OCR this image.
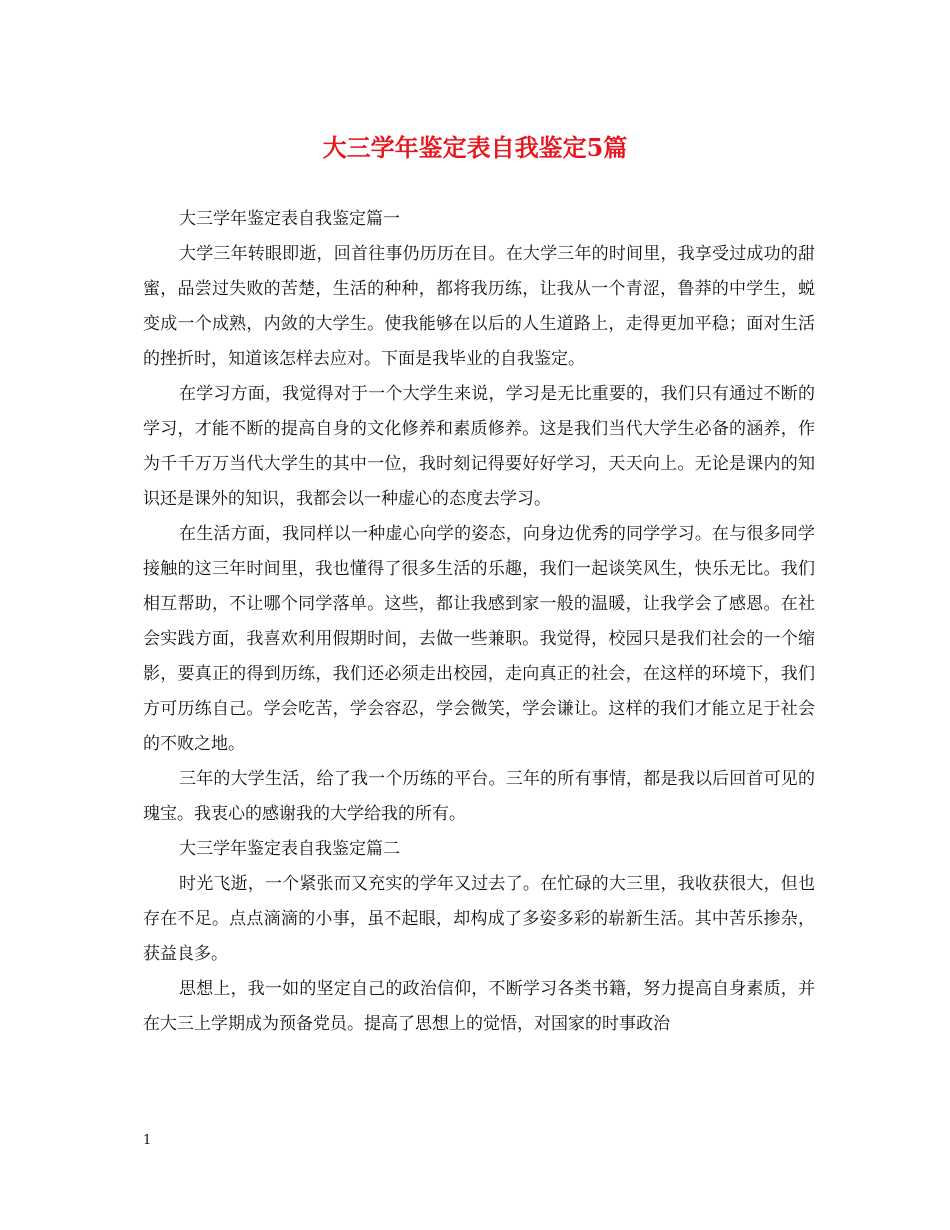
大三学年鉴定表自我鉴定5篇

大三学年鉴定表自我鉴定篇一

大学三年转眼即逝，回首往事仍历历在目。在大学三年的时间里，我享受过成功的甜蜜，品尝过失败的苦楚，生活的种种，都将我历练，让我从一个青涩，鲁莽的中学生，蜕变成一个成熟，内敛的大学生。使我能够在以后的人生道路上，走得更加平稳；面对生活的挫折时，知道该怎样去应对。下面是我毕业的自我鉴定。

在学习方面，我觉得对于一个大学生来说，学习是无比重要的，我们只有通过不断的学习，才能不断的提高自身的文化修养和素质修养。这是我们当代大学生必备的涵养，作为千千万万当代大学生的其中一位，我时刻记得要好好学习，天天向上。无论是课内的知识还是课外的知识，我都会以一种虚心的态度去学习。

在生活方面，我同样以一种虚心向学的姿态，向身边优秀的同学学习。在与很多同学接触的这三年时间里，我也懂得了很多生活的乐趣，我们一起谈笑风生，快乐无比。我们相互帮助，不让哪个同学落单。这些，都让我感到家一般的温暖，让我学会了感恩。在社会实践方面，我喜欢利用假期时间，去做一些兼职。我觉得，校园只是我们社会的一个缩影，要真正的得到历练，我们还必须走出校园，走向真正的社会，在这样的环境下，我们方可历练自己。学会吃苦，学会容忍，学会微笑，学会谦让。这样的我们才能立足于社会的不败之地。

三年的大学生活，给了我一个历练的平台。三年的所有事情，都是我以后回首可见的瑰宝。我衷心的感谢我的大学给我的所有。

大三学年鉴定表自我鉴定篇二

时光飞逝，一个紧张而又充实的学年又过去了。在忙碌的大三里，我收获很大，但也存在不足。点点滴滴的小事，虽不起眼，却构成了多姿多彩的崭新生活。其中苦乐掺杂，获益良多。

思想上，我一如的坚定自己的政治信仰，不断学习各类书籍，努力提高自身素质，并在大三上学期成为预备党员。提高了思想上的觉悟，对国家的时事政治

1
